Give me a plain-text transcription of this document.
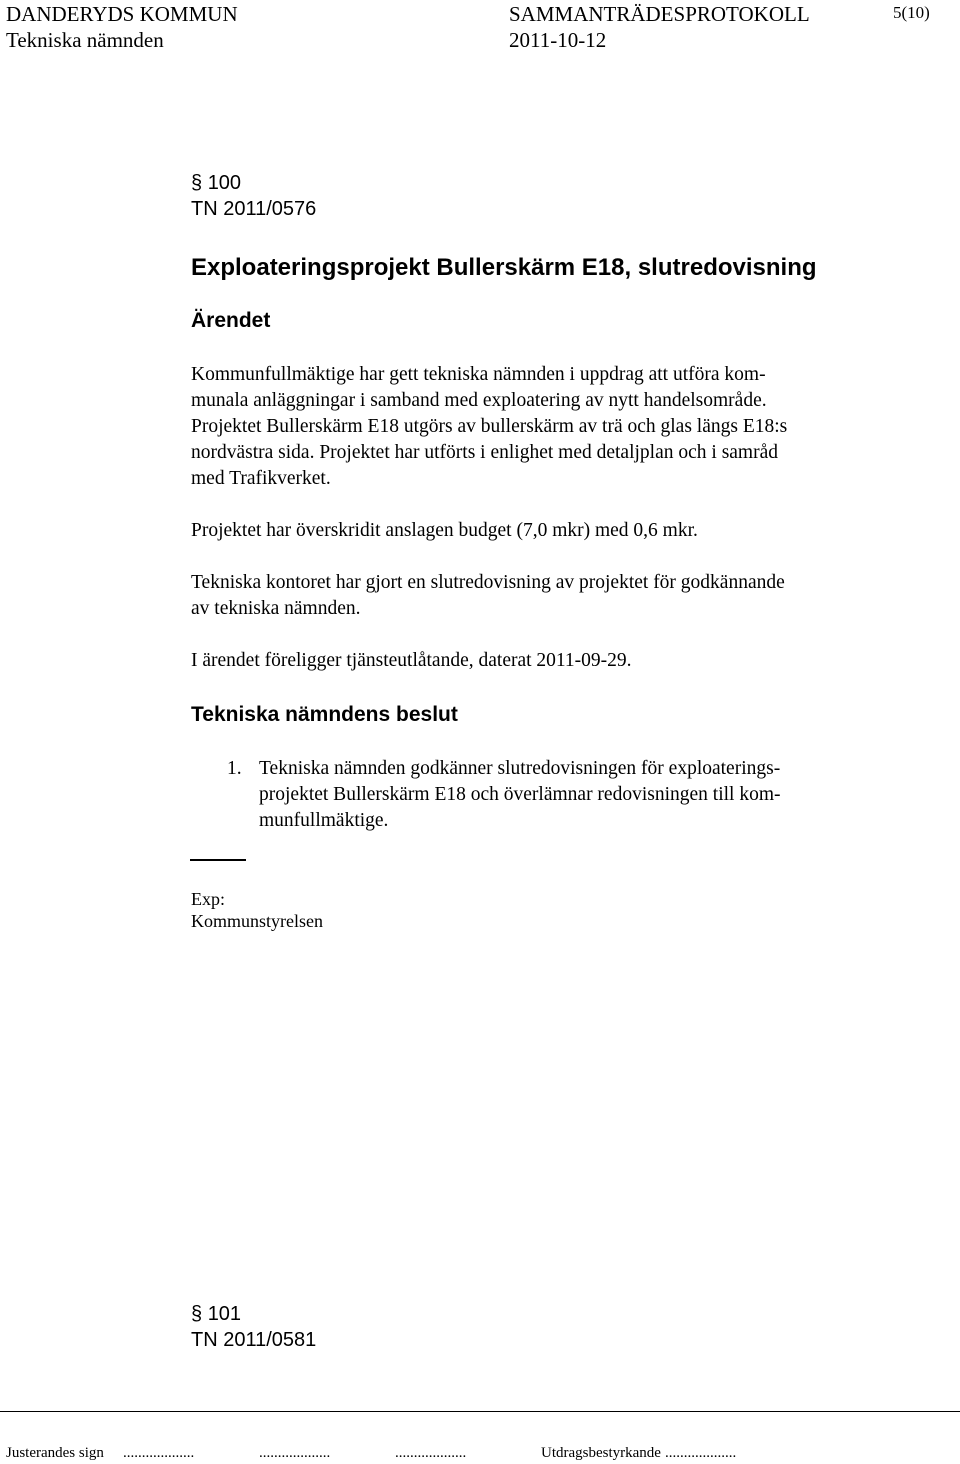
DANDERYDS KOMMUN	SAMMANTRÄDESPROTOKOLL	5(10)
Tekniska nämnden	2011-10-12
§ 100
TN 2011/0576
Exploateringsprojekt Bullerskärm E18, slutredovisning
Ärendet
Kommunfullmäktige har gett tekniska nämnden i uppdrag att utföra kom-
munala anläggningar i samband med exploatering av nytt handelsområde.
Projektet Bullerskärm E18 utgörs av bullerskärm av trä och glas längs E18:s
nordvästra sida. Projektet har utförts i enlighet med detaljplan och i samråd
med Trafikverket.
Projektet har överskridit anslagen budget (7,0 mkr) med 0,6 mkr.
Tekniska kontoret har gjort en slutredovisning av projektet för godkännande
av tekniska nämnden.
I ärendet föreligger tjänsteutlåtande, daterat 2011-09-29.
Tekniska nämndens beslut
1. Tekniska nämnden godkänner slutredovisningen för exploaterings-
projektet Bullerskärm E18 och överlämnar redovisningen till kom-
munfullmäktige.
Exp:
Kommunstyrelsen
§ 101
TN 2011/0581
Justerandes sign ...................	...................	...................	Utdragsbestyrkande ...................
